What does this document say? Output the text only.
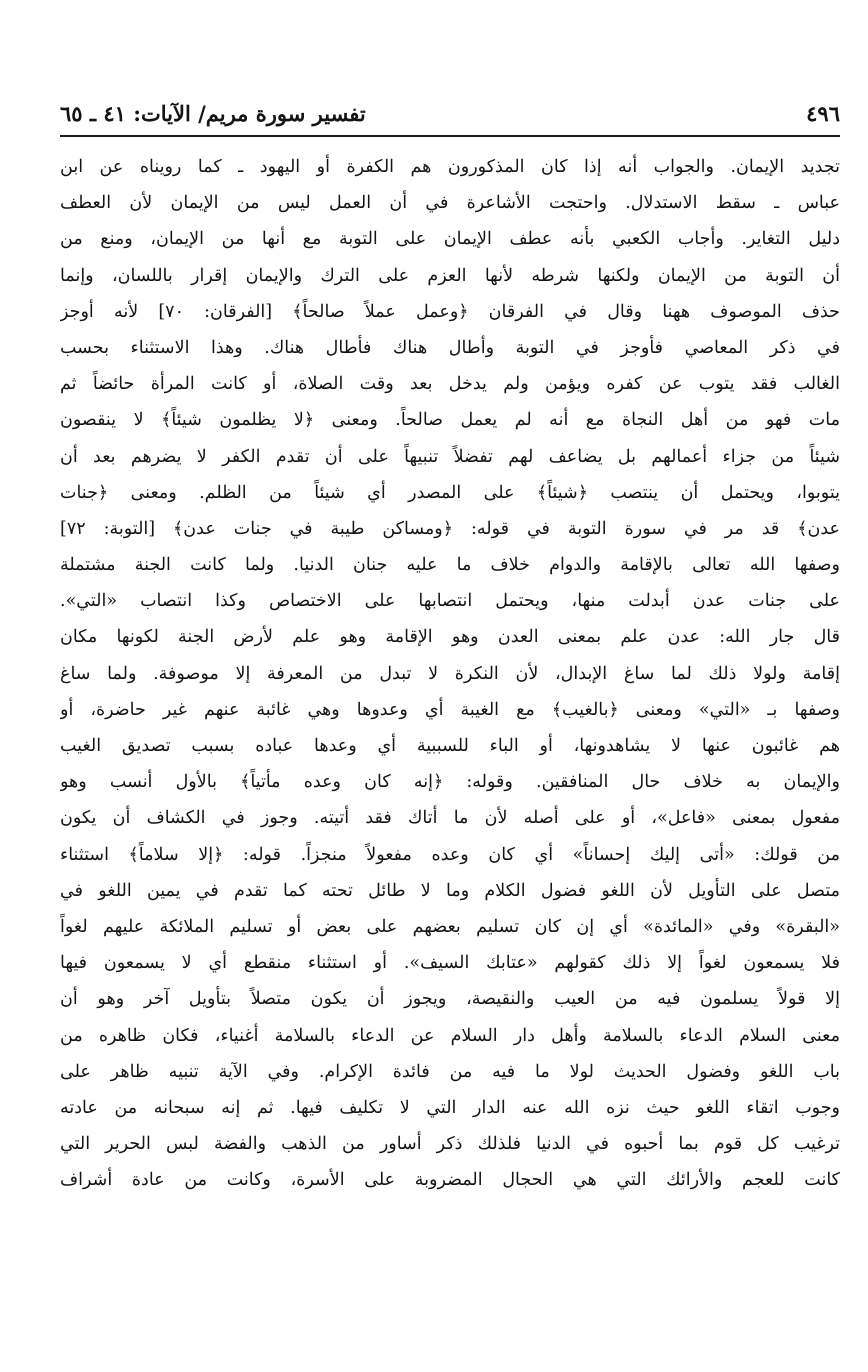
٤٩٦
تفسير سورة مريم/ الآيات: ٤١ ـ ٦٥
تجديد الإيمان. والجواب أنه إذا كان المذكورون هم الكفرة أو اليهود ـ كما رويناه عن ابن
عباس ـ سقط الاستدلال. واحتجت الأشاعرة في أن العمل ليس من الإيمان لأن العطف
دليل التغاير. وأجاب الكعبي بأنه عطف الإيمان على التوبة مع أنها من الإيمان، ومنع من
أن التوبة من الإيمان ولكنها شرطه لأنها العزم على الترك والإيمان إقرار باللسان، وإنما
حذف الموصوف ههنا وقال في الفرقان ﴿وعمل عملاً صالحاً﴾ [الفرقان: ٧٠] لأنه أوجز
في ذكر المعاصي فأوجز في التوبة وأطال هناك فأطال هناك. وهذا الاستثناء بحسب
الغالب فقد يتوب عن كفره ويؤمن ولم يدخل بعد وقت الصلاة، أو كانت المرأة حائضاً ثم
مات فهو من أهل النجاة مع أنه لم يعمل صالحاً. ومعنى ﴿لا يظلمون شيئاً﴾ لا ينقصون
شيئاً من جزاء أعمالهم بل يضاعف لهم تفضلاً تنبيهاً على أن تقدم الكفر لا يضرهم بعد أن
يتوبوا، ويحتمل أن ينتصب ﴿شيئاً﴾ على المصدر أي شيئاً من الظلم. ومعنى ﴿جنات
عدن﴾ قد مر في سورة التوبة في قوله: ﴿ومساكن طيبة في جنات عدن﴾ [التوبة: ٧٢]
وصفها الله تعالى بالإقامة والدوام خلاف ما عليه جنان الدنيا. ولما كانت الجنة مشتملة
على جنات عدن أبدلت منها، ويحتمل انتصابها على الاختصاص وكذا انتصاب «التي».
قال جار الله: عدن علم بمعنى العدن وهو الإقامة وهو علم لأرض الجنة لكونها مكان
إقامة ولولا ذلك لما ساغ الإبدال، لأن النكرة لا تبدل من المعرفة إلا موصوفة. ولما ساغ
وصفها بـ «التي» ومعنى ﴿بالغيب﴾ مع الغيبة أي وعدوها وهي غائبة عنهم غير حاضرة، أو
هم غائبون عنها لا يشاهدونها، أو الباء للسببية أي وعدها عباده بسبب تصديق الغيب
والإيمان به خلاف حال المنافقين. وقوله: ﴿إنه كان وعده مأتياً﴾ بالأول أنسب وهو
مفعول بمعنى «فاعل»، أو على أصله لأن ما أتاك فقد أتيته. وجوز في الكشاف أن يكون
من قولك: «أتى إليك إحساناً» أي كان وعده مفعولاً منجزاً. قوله: ﴿إلا سلاماً﴾ استثناء
متصل على التأويل لأن اللغو فضول الكلام وما لا طائل تحته كما تقدم في يمين اللغو في
«البقرة» وفي «المائدة» أي إن كان تسليم بعضهم على بعض أو تسليم الملائكة عليهم لغواً
فلا يسمعون لغواً إلا ذلك كقولهم «عتابك السيف». أو استثناء منقطع أي لا يسمعون فيها
إلا قولاً يسلمون فيه من العيب والنقيصة، ويجوز أن يكون متصلاً بتأويل آخر وهو أن
معنى السلام الدعاء بالسلامة وأهل دار السلام عن الدعاء بالسلامة أغنياء، فكان ظاهره من
باب اللغو وفضول الحديث لولا ما فيه من فائدة الإكرام. وفي الآية تنبيه ظاهر على
وجوب اتقاء اللغو حيث نزه الله عنه الدار التي لا تكليف فيها. ثم إنه سبحانه من عادته
ترغيب كل قوم بما أحبوه في الدنيا فلذلك ذكر أساور من الذهب والفضة لبس الحرير التي
كانت للعجم والأرائك التي هي الحجال المضروبة على الأسرة، وكانت من عادة أشراف
